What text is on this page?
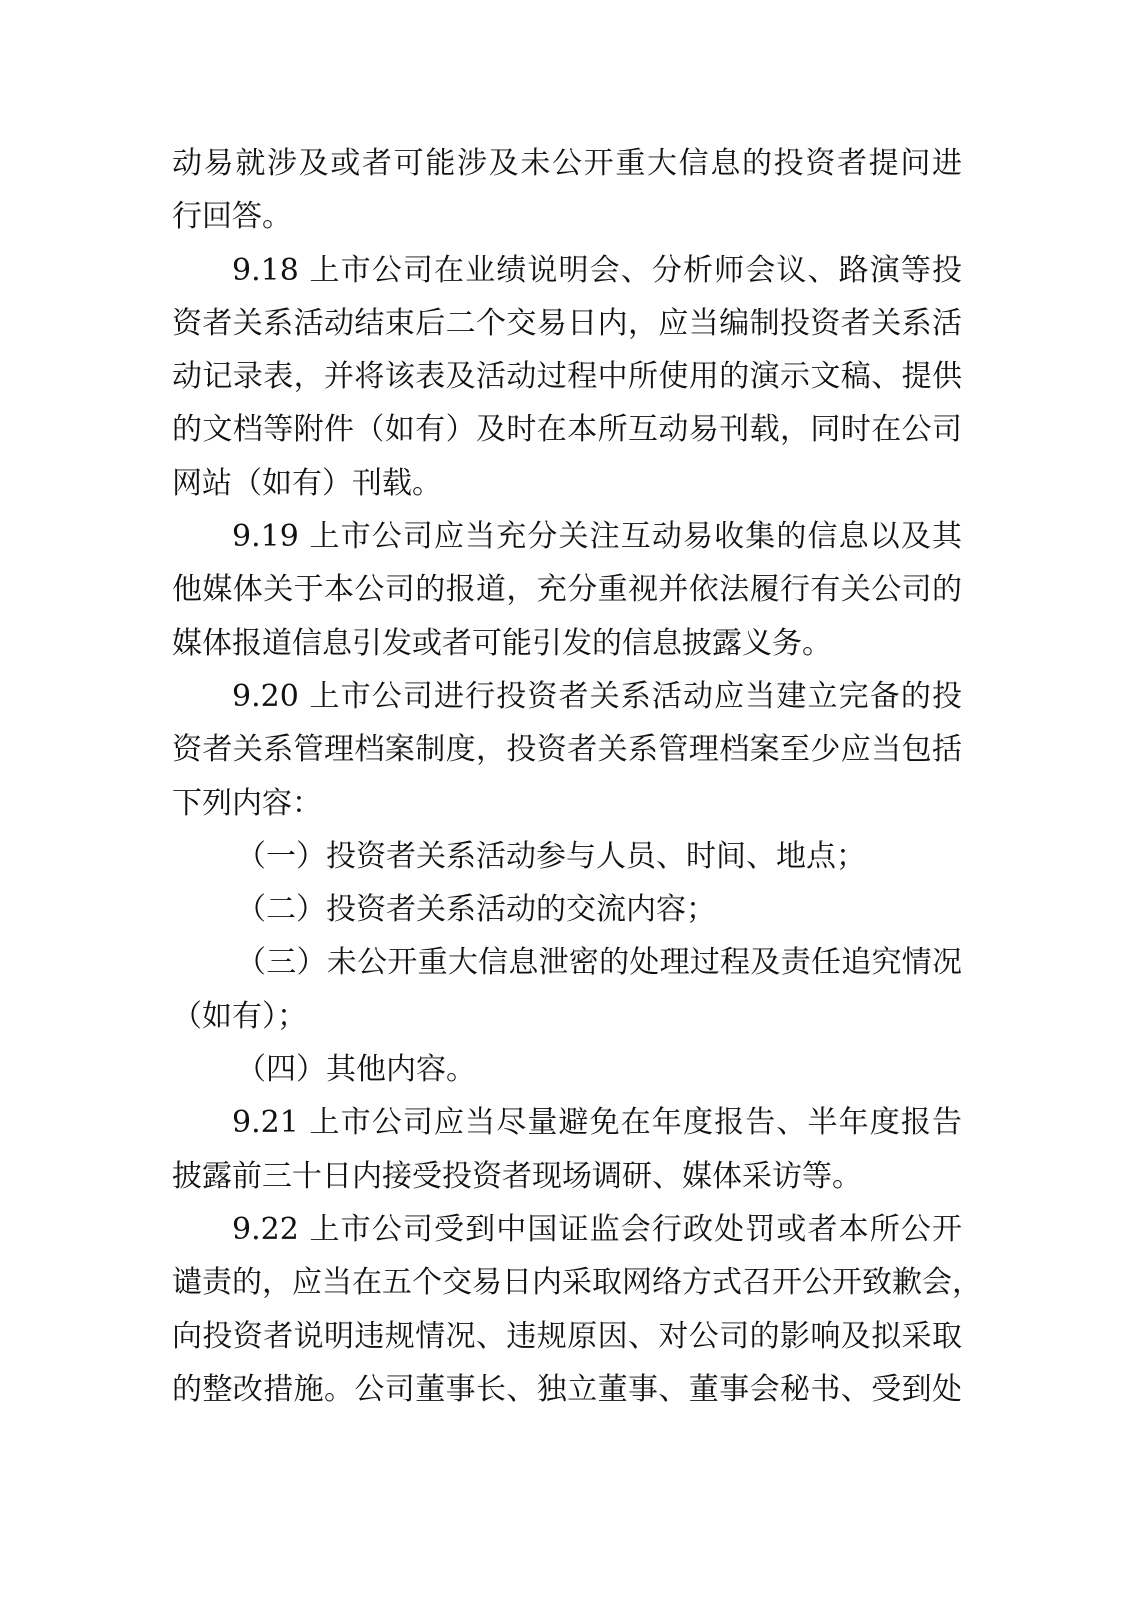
动易就涉及或者可能涉及未公开重大信息的投资者提问进
行回答。
9.18 上市公司在业绩说明会、分析师会议、路演等投
资者关系活动结束后二个交易日内，应当编制投资者关系活
动记录表，并将该表及活动过程中所使用的演示文稿、提供
的文档等附件（如有）及时在本所互动易刊载，同时在公司
网站（如有）刊载。
9.19 上市公司应当充分关注互动易收集的信息以及其
他媒体关于本公司的报道，充分重视并依法履行有关公司的
媒体报道信息引发或者可能引发的信息披露义务。
9.20 上市公司进行投资者关系活动应当建立完备的投
资者关系管理档案制度，投资者关系管理档案至少应当包括
下列内容：
（一）投资者关系活动参与人员、时间、地点；
（二）投资者关系活动的交流内容；
（三）未公开重大信息泄密的处理过程及责任追究情况
（如有）；
（四）其他内容。
9.21 上市公司应当尽量避免在年度报告、半年度报告
披露前三十日内接受投资者现场调研、媒体采访等。
9.22 上市公司受到中国证监会行政处罚或者本所公开
谴责的，应当在五个交易日内采取网络方式召开公开致歉会，
向投资者说明违规情况、违规原因、对公司的影响及拟采取
的整改措施。公司董事长、独立董事、董事会秘书、受到处
